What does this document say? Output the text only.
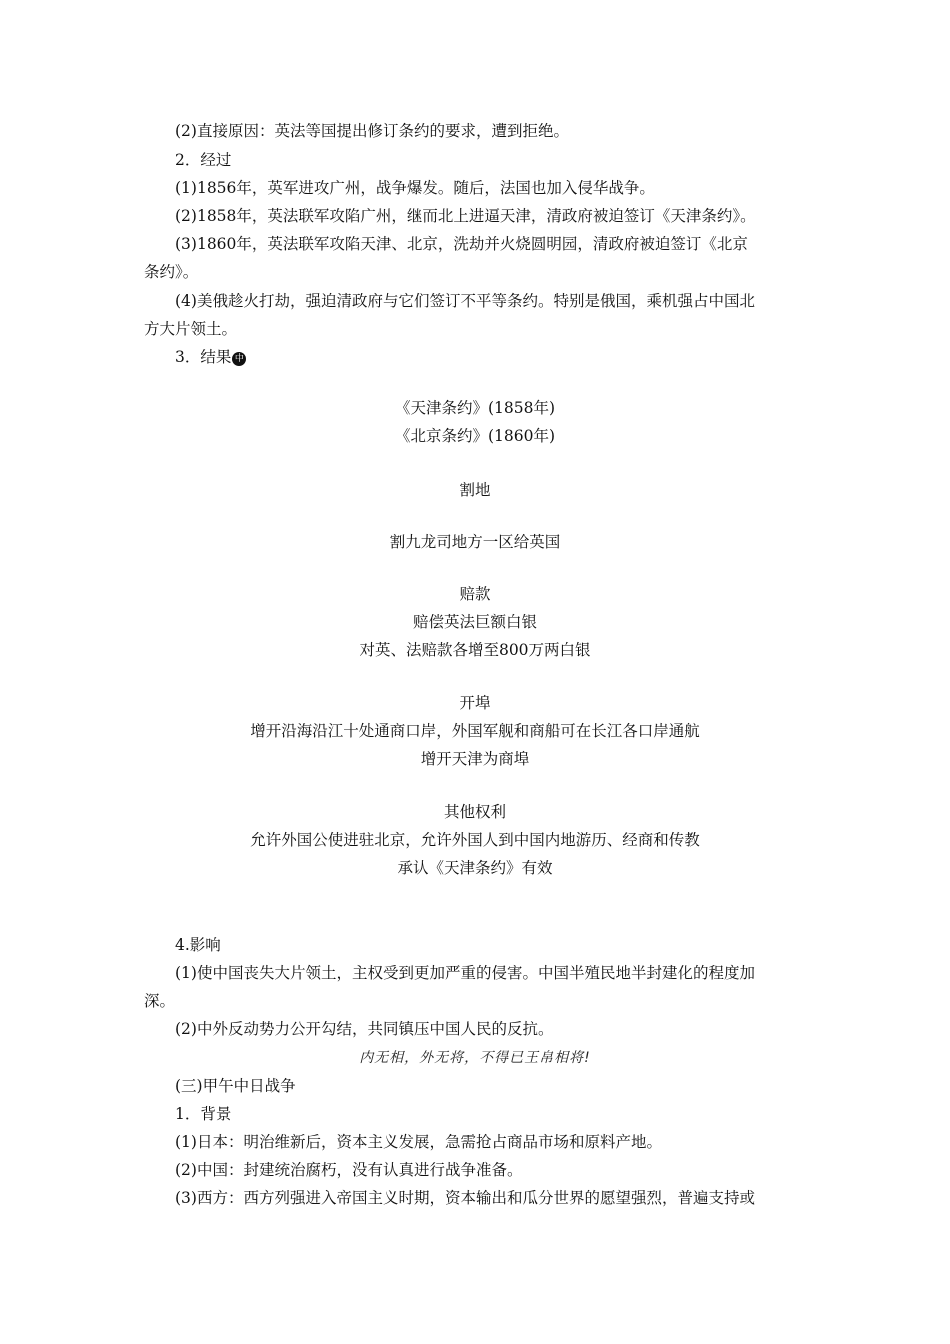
(2)直接原因：英法等国提出修订条约的要求，遭到拒绝。
2．经过
(1)1856年，英军进攻广州，战争爆发。随后，法国也加入侵华战争。
(2)1858年，英法联军攻陷广州，继而北上进逼天津，清政府被迫签订《天津条约》。
(3)1860年，英法联军攻陷天津、北京，洗劫并火烧圆明园，清政府被迫签订《北京
条约》。
(4)美俄趁火打劫，强迫清政府与它们签订不平等条约。特别是俄国，乘机强占中国北
方大片领土。
3．结果 中
《天津条约》(1858年)
《北京条约》(1860年)
割地
割九龙司地方一区给英国
赔款
赔偿英法巨额白银
对英、法赔款各增至800万两白银
开埠
增开沿海沿江十处通商口岸，外国军舰和商船可在长江各口岸通航
增开天津为商埠
其他权利
允许外国公使进驻北京，允许外国人到中国内地游历、经商和传教
承认《天津条约》有效
4.影响
(1)使中国丧失大片领土，主权受到更加严重的侵害。中国半殖民地半封建化的程度加
深。
(2)中外反动势力公开勾结，共同镇压中国人民的反抗。
内无相，外无将，不得已王帛相将!
(三)甲午中日战争
1．背景
(1)日本：明治维新后，资本主义发展，急需抢占商品市场和原料产地。
(2)中国：封建统治腐朽，没有认真进行战争准备。
(3)西方：西方列强进入帝国主义时期，资本输出和瓜分世界的愿望强烈，普遍支持或
